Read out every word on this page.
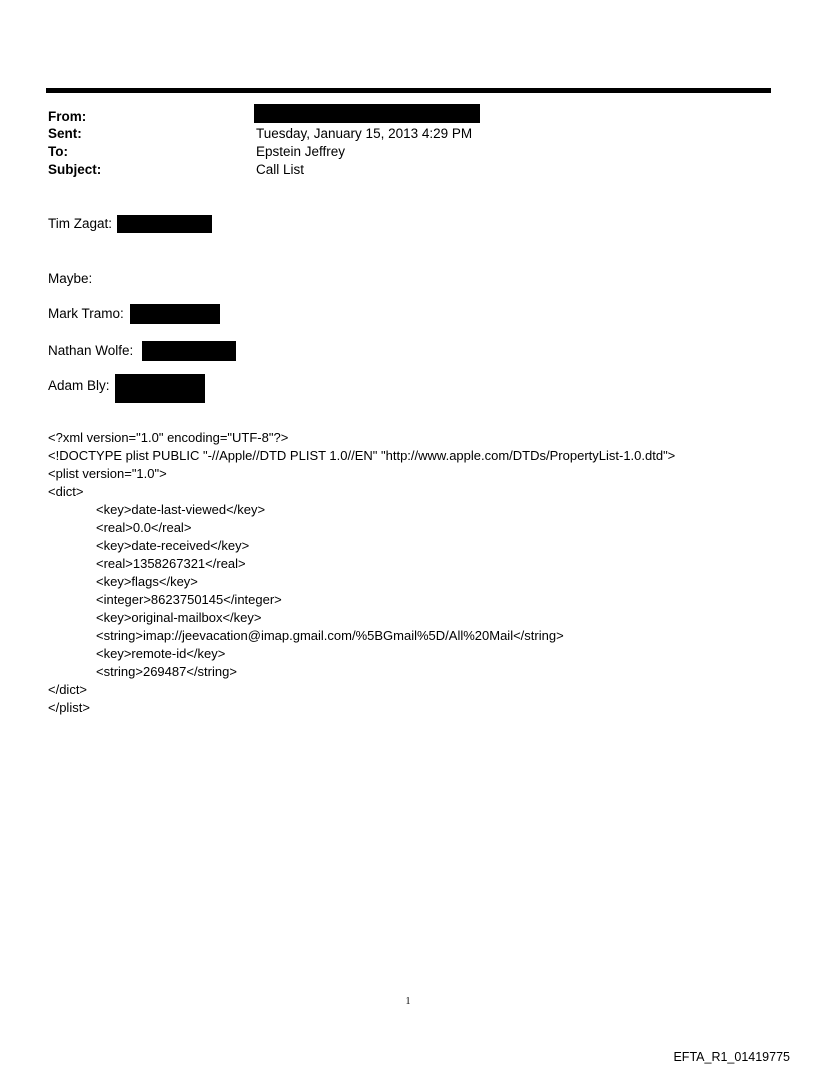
From:
Sent:	Tuesday, January 15, 2013 4:29 PM
To:	Epstein Jeffrey
Subject:	Call List
Tim Zagat:
Maybe:
Mark Tramo:
Nathan Wolfe:
Adam Bly:
<?xml version="1.0" encoding="UTF-8"?>
<!DOCTYPE plist PUBLIC "-//Apple//DTD PLIST 1.0//EN" "http://www.apple.com/DTDs/PropertyList-1.0.dtd">
<plist version="1.0">
<dict>
<key>date-last-viewed</key>
<real>0.0</real>
<key>date-received</key>
<real>1358267321</real>
<key>flags</key>
<integer>8623750145</integer>
<key>original-mailbox</key>
<string>imap://jeevacation@imap.gmail.com/%5BGmail%5D/All%20Mail</string>
<key>remote-id</key>
<string>269487</string>
</dict>
</plist>
1
EFTA_R1_01419775
